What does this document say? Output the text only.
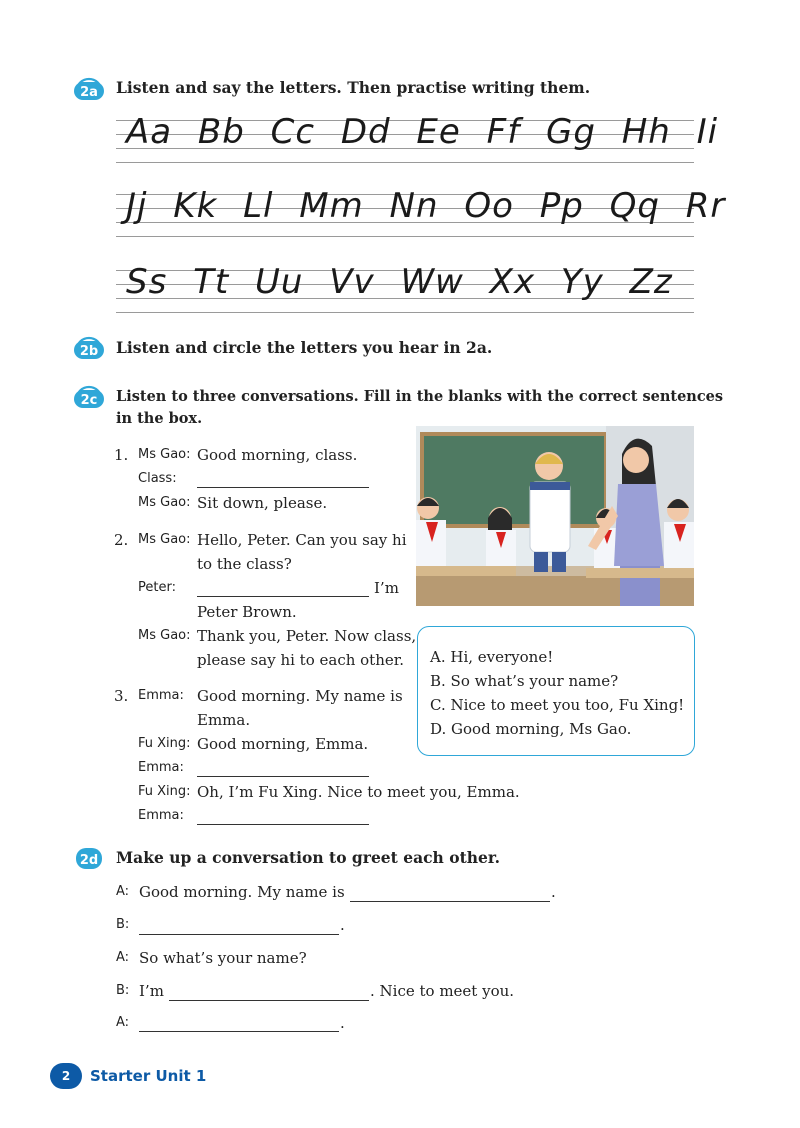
2a Listen and say the letters. Then practise writing them.
Aa Bb Cc Dd Ee Ff Gg Hh Ii
Jj Kk Ll Mm Nn Oo Pp Qq Rr
Ss Tt Uu Vv Ww Xx Yy Zz
2b Listen and circle the letters you hear in 2a.
2c Listen to three conversations. Fill in the blanks with the correct sentences
in the box.
1. Ms Gao: Good morning, class.
Class:
Ms Gao: Sit down, please.
2. Ms Gao: Hello, Peter. Can you say hi
to the class?
Peter:	I’m
Peter Brown.
Ms Gao: Thank you, Peter. Now class,
please say hi to each other.
3. Emma: Good morning. My name is
Emma.
Fu Xing: Good morning, Emma.
Emma:
Fu Xing: Oh, I’m Fu Xing. Nice to meet you, Emma.
Emma:
A. Hi, everyone!
B. So what’s your name?
C. Nice to meet you too, Fu Xing!
D. Good morning, Ms Gao.
2d Make up a conversation to greet each other.
A: Good morning. My name is	.
B:	.
A: So what’s your name?
B: I’m	. Nice to meet you.
A:	.
2	Starter Unit 1
